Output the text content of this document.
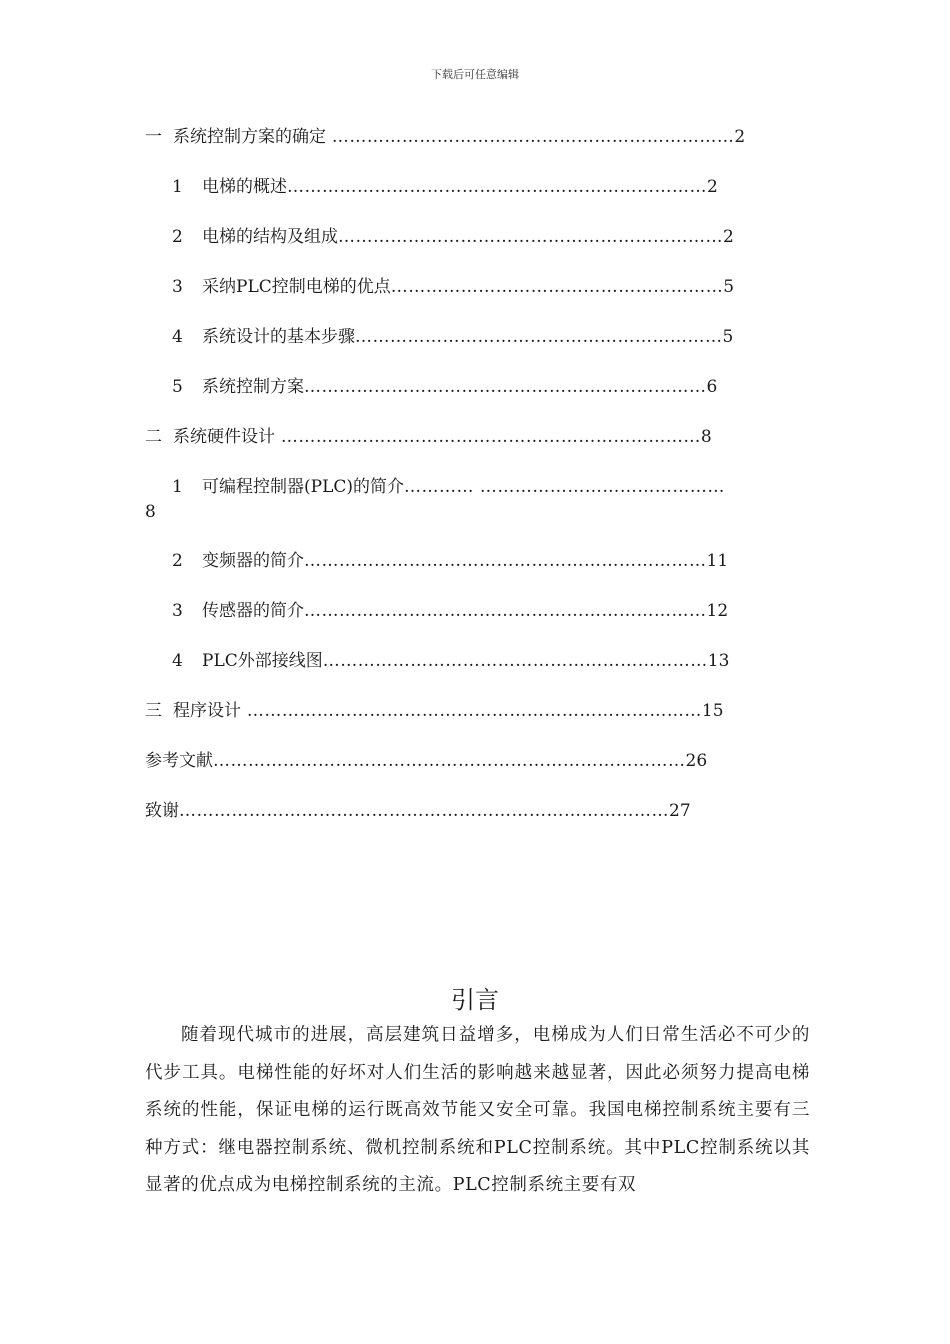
下载后可任意编辑
一 系统控制方案的确定 ……………………………………………………………2
1 电梯的概述………………………………………………………………2
2 电梯的结构及组成…………………………………………………………2
3 采纳PLC控制电梯的优点…………………………………………………5
4 系统设计的基本步骤………………………………………………………5
5 系统控制方案……………………………………………………………6
二 系统硬件设计 ………………………………………………………………8
1 可编程控制器(PLC)的简介………… ……………………………………
8
2 变频器的简介……………………………………………………………11
3 传感器的简介……………………………………………………………12
4 PLC外部接线图…………………………………………………………13
三 程序设计 ……………………………………………………………………15
参考文献………………………………………………………………………26
致谢…………………………………………………………………………27
引言
随着现代城市的进展，高层建筑日益增多，电梯成为人们日常生活必不可少的代步工具。电梯性能的好坏对人们生活的影响越来越显著，因此必须努力提高电梯系统的性能，保证电梯的运行既高效节能又安全可靠。我国电梯控制系统主要有三种方式：继电器控制系统、微机控制系统和PLC控制系统。其中PLC控制系统以其显著的优点成为电梯控制系统的主流。PLC控制系统主要有双
